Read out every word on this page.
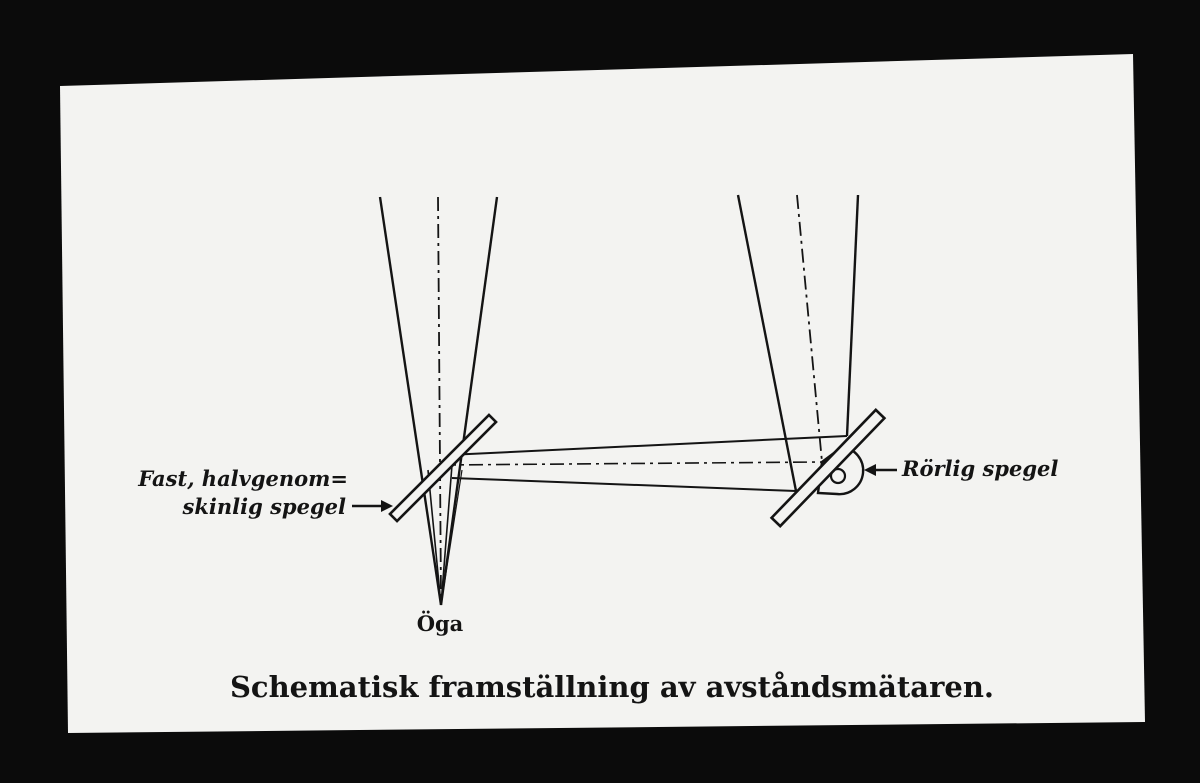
Fast, halvgenom=
skinlig spegel
Rörlig spegel
Öga
Schematisk framställning av avståndsmätaren.
